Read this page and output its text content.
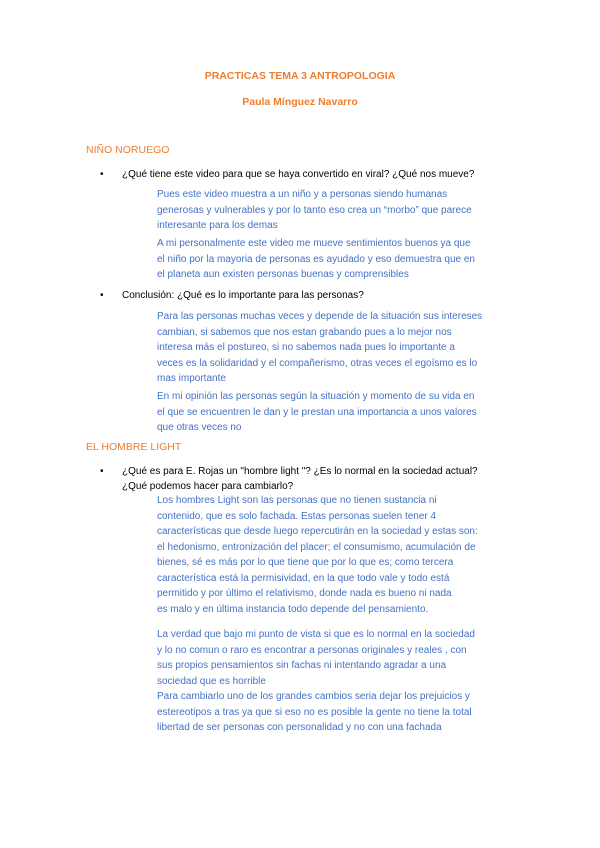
PRACTICAS TEMA 3 ANTROPOLOGIA
Paula Mínguez Navarro
NIÑO NORUEGO
• ¿Qué tiene este video para que se haya convertido en viral? ¿Qué nos mueve?
Pues este video muestra a un niño y a personas siendo humanas
generosas y vulnerables y por lo tanto eso crea un “morbo” que parece
interesante para los demas
A mi personalmente este video me mueve sentimientos buenos ya que
el niño por la mayoria de personas es ayudado y eso demuestra que en
el planeta aun existen personas buenas y comprensibles
• Conclusión: ¿Qué es lo importante para las personas?
Para las personas muchas veces y depende de la situación sus intereses
cambian, si sabemos que nos estan grabando pues a lo mejor nos
interesa más el postureo, si no sabemos nada pues lo importante a
veces es la solidaridad y el compañerismo, otras veces el egoísmo es lo
mas importante
En mi opinión las personas según la situación y momento de su vida en
el que se encuentren le dan y le prestan una importancia a unos valores
que otras veces no
EL HOMBRE LIGHT
• ¿Qué es para E. Rojas un "hombre light "? ¿Es lo normal en la sociedad actual?
¿Qué podemos hacer para cambiarlo?
Los hombres Light son las personas que no tienen sustancia ni
contenido, que es solo fachada. Estas personas suelen tener 4
características que desde luego repercutirán en la sociedad y estas son:
el hedonismo, entronización del placer; el consumismo, acumulación de
bienes, sé es más por lo que tiene que por lo que es; como tercera
característica está la permisividad, en la que todo vale y todo está
permitido y por último el relativismo, donde nada es bueno ni nada
es malo y en última instancia todo depende del pensamiento.
La verdad que bajo mi punto de vista si que es lo normal en la sociedad
y lo no comun o raro es encontrar a personas originales y reales , con
sus propios pensamientos sin fachas ni intentando agradar a una
sociedad que es horrible
Para cambiarlo uno de los grandes cambios seria dejar los prejuicios y
estereotipos a tras ya que si eso no es posible la gente no tiene la total
libertad de ser personas con personalidad y no con una fachada
